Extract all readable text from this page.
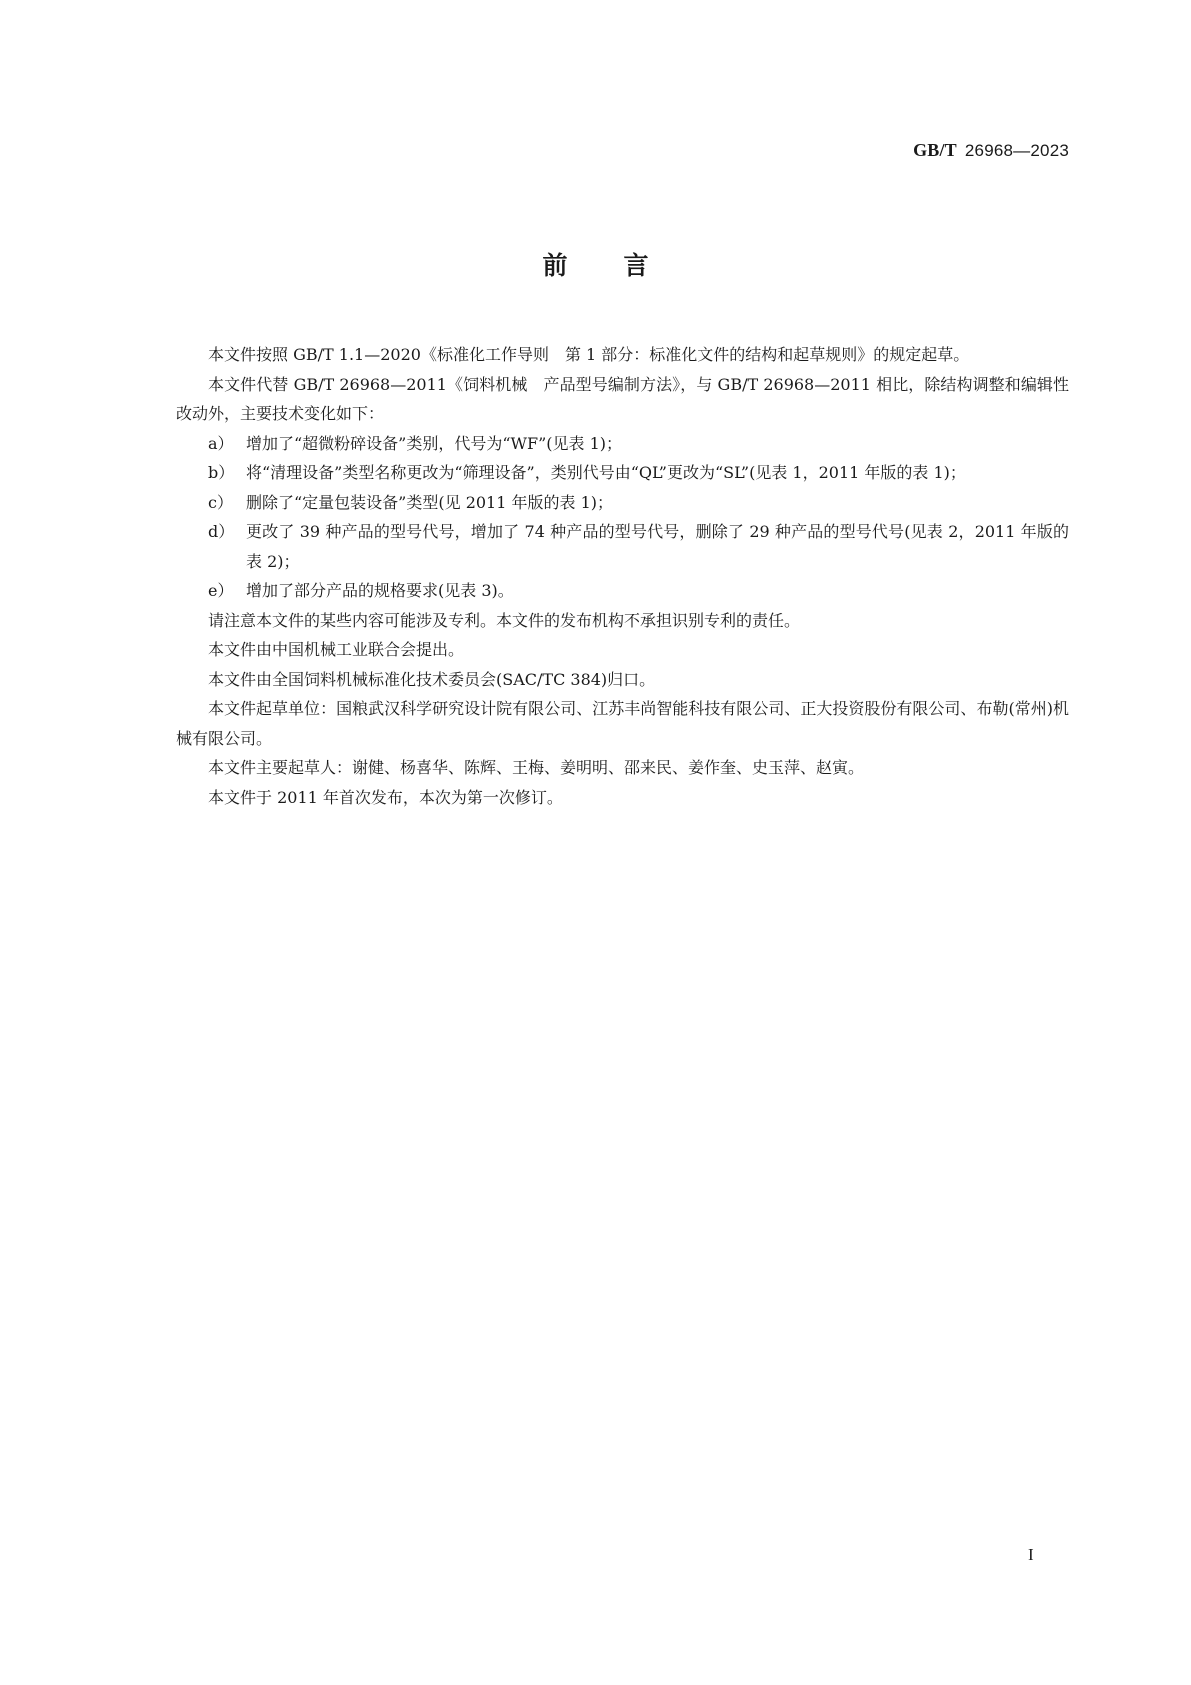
GB/T 26968—2023
前言

本文件按照 GB/T 1.1—2020《标准化工作导则　第 1 部分：标准化文件的结构和起草规则》的规定起草。

本文件代替 GB/T 26968—2011《饲料机械　产品型号编制方法》，与 GB/T 26968—2011 相比，除结构调整和编辑性改动外，主要技术变化如下：

a） 增加了“超微粉碎设备”类别，代号为“WF”(见表 1)；
b） 将“清理设备”类型名称更改为“筛理设备”，类别代号由“QL”更改为“SL”(见表 1，2011 年版的表 1)；
c） 删除了“定量包装设备”类型(见 2011 年版的表 1)；
d） 更改了 39 种产品的型号代号，增加了 74 种产品的型号代号，删除了 29 种产品的型号代号(见表 2，2011 年版的表 2)；
e） 增加了部分产品的规格要求(见表 3)。

请注意本文件的某些内容可能涉及专利。本文件的发布机构不承担识别专利的责任。

本文件由中国机械工业联合会提出。

本文件由全国饲料机械标准化技术委员会(SAC/TC 384)归口。

本文件起草单位：国粮武汉科学研究设计院有限公司、江苏丰尚智能科技有限公司、正大投资股份有限公司、布勒(常州)机械有限公司。

本文件主要起草人：谢健、杨喜华、陈辉、王梅、姜明明、邵来民、姜作奎、史玉萍、赵寅。

本文件于 2011 年首次发布，本次为第一次修订。

I
